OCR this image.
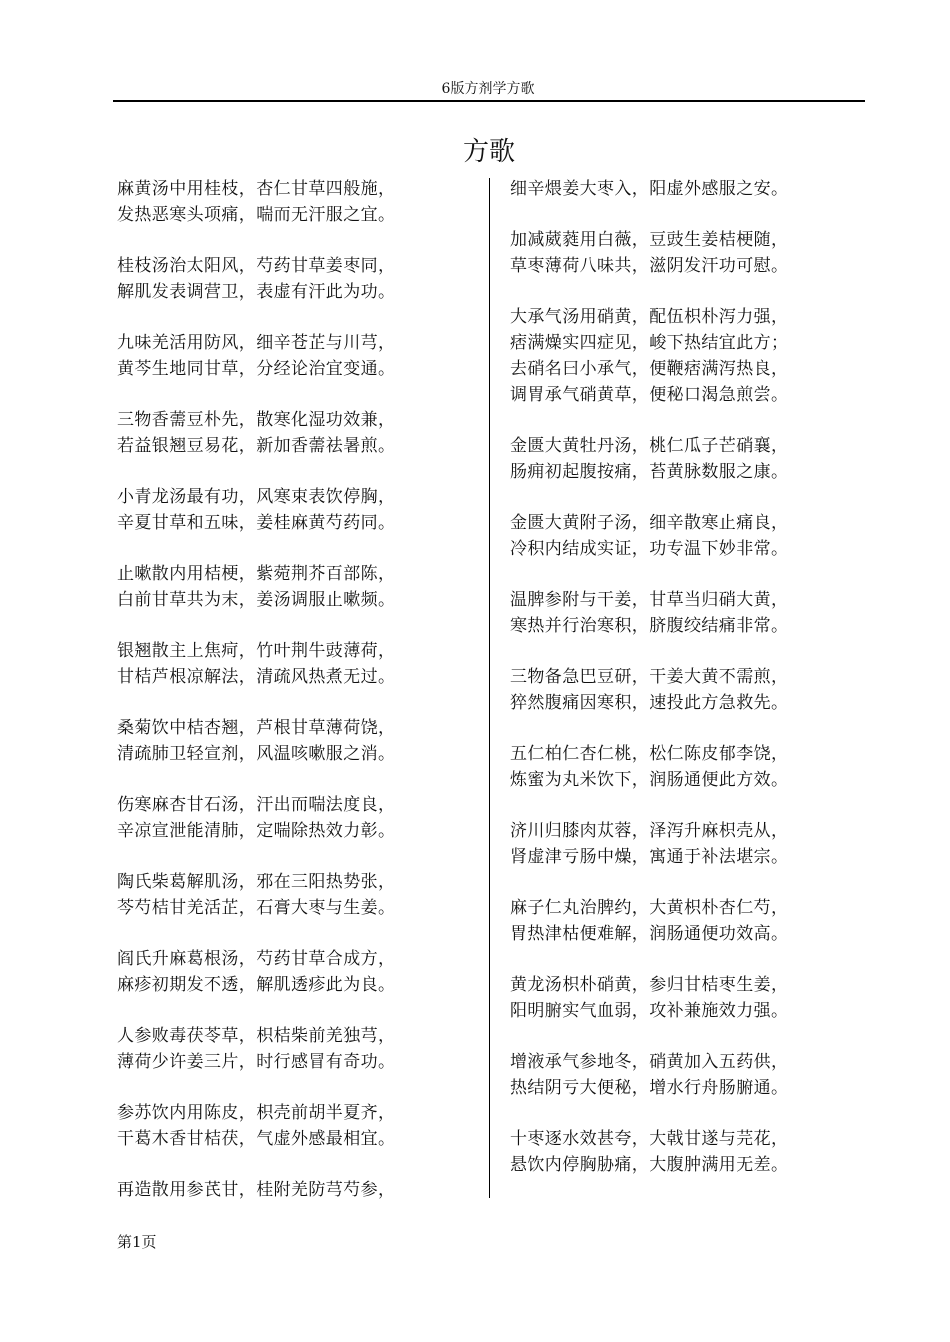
6版方剂学方歌
方歌
麻黄汤中用桂枝，杏仁甘草四般施，
发热恶寒头项痛，喘而无汗服之宜。
桂枝汤治太阳风，芍药甘草姜枣同，
解肌发表调营卫，表虚有汗此为功。
九味羌活用防风，细辛苍芷与川芎，
黄芩生地同甘草，分经论治宜变通。
三物香薷豆朴先，散寒化湿功效兼，
若益银翘豆易花，新加香薷祛暑煎。
小青龙汤最有功，风寒束表饮停胸，
辛夏甘草和五味，姜桂麻黄芍药同。
止嗽散内用桔梗，紫菀荆芥百部陈，
白前甘草共为末，姜汤调服止嗽频。
银翘散主上焦疴，竹叶荆牛豉薄荷，
甘桔芦根凉解法，清疏风热煮无过。
桑菊饮中桔杏翘，芦根甘草薄荷饶，
清疏肺卫轻宣剂，风温咳嗽服之消。
伤寒麻杏甘石汤，汗出而喘法度良，
辛凉宣泄能清肺，定喘除热效力彰。
陶氏柴葛解肌汤，邪在三阳热势张，
芩芍桔甘羌活芷，石膏大枣与生姜。
阎氏升麻葛根汤，芍药甘草合成方，
麻疹初期发不透，解肌透疹此为良。
人参败毒茯苓草，枳桔柴前羌独芎，
薄荷少许姜三片，时行感冒有奇功。
参苏饮内用陈皮，枳壳前胡半夏齐，
干葛木香甘桔茯，气虚外感最相宜。
再造散用参芪甘，桂附羌防芎芍参，
细辛煨姜大枣入，阳虚外感服之安。
加减葳蕤用白薇，豆豉生姜桔梗随，
草枣薄荷八味共，滋阴发汗功可慰。
大承气汤用硝黄，配伍枳朴泻力强，
痞满燥实四症见，峻下热结宜此方；
去硝名曰小承气，便鞭痞满泻热良，
调胃承气硝黄草，便秘口渴急煎尝。
金匮大黄牡丹汤，桃仁瓜子芒硝襄，
肠痈初起腹按痛，苔黄脉数服之康。
金匮大黄附子汤，细辛散寒止痛良，
冷积内结成实证，功专温下妙非常。
温脾参附与干姜，甘草当归硝大黄，
寒热并行治寒积，脐腹绞结痛非常。
三物备急巴豆研，干姜大黄不需煎，
猝然腹痛因寒积，速投此方急救先。
五仁柏仁杏仁桃，松仁陈皮郁李饶，
炼蜜为丸米饮下，润肠通便此方效。
济川归膝肉苁蓉，泽泻升麻枳壳从，
肾虚津亏肠中燥，寓通于补法堪宗。
麻子仁丸治脾约，大黄枳朴杏仁芍，
胃热津枯便难解，润肠通便功效高。
黄龙汤枳朴硝黄，参归甘桔枣生姜，
阳明腑实气血弱，攻补兼施效力强。
增液承气参地冬，硝黄加入五药供，
热结阴亏大便秘，增水行舟肠腑通。
十枣逐水效甚夸，大戟甘遂与芫花，
悬饮内停胸胁痛，大腹肿满用无差。
第1页
